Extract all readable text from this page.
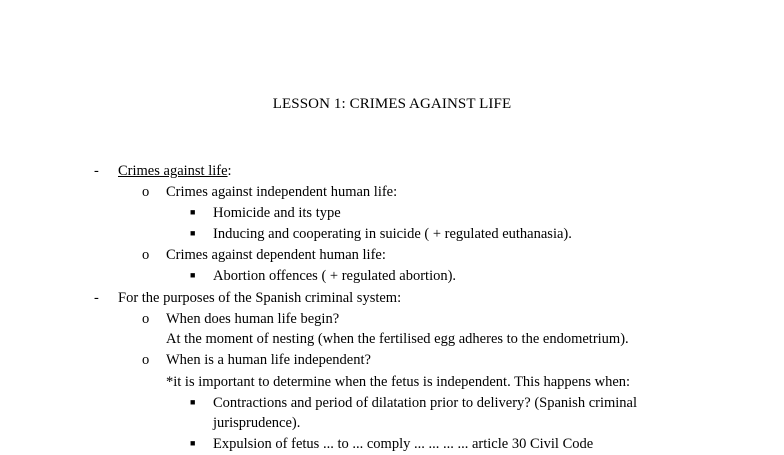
LESSON 1: CRIMES AGAINST LIFE
- Crimes against life:
o Crimes against independent human life:
■ Homicide and its type
■ Inducing and cooperating in suicide ( + regulated euthanasia).
o Crimes against dependent human life:
■ Abortion offences ( + regulated abortion).
- For the purposes of the Spanish criminal system:
o When does human life begin?
At the moment of nesting (when the fertilised egg adheres to the endometrium).
o When is a human life independent?
*it is important to determine when the fetus is independent. This happens when:
■ Contractions and period of dilatation prior to delivery? (Spanish criminal
jurisprudence).
■ Expulsion of fetus ... to ... comply ... ... ... ... article 30 Civil Code
